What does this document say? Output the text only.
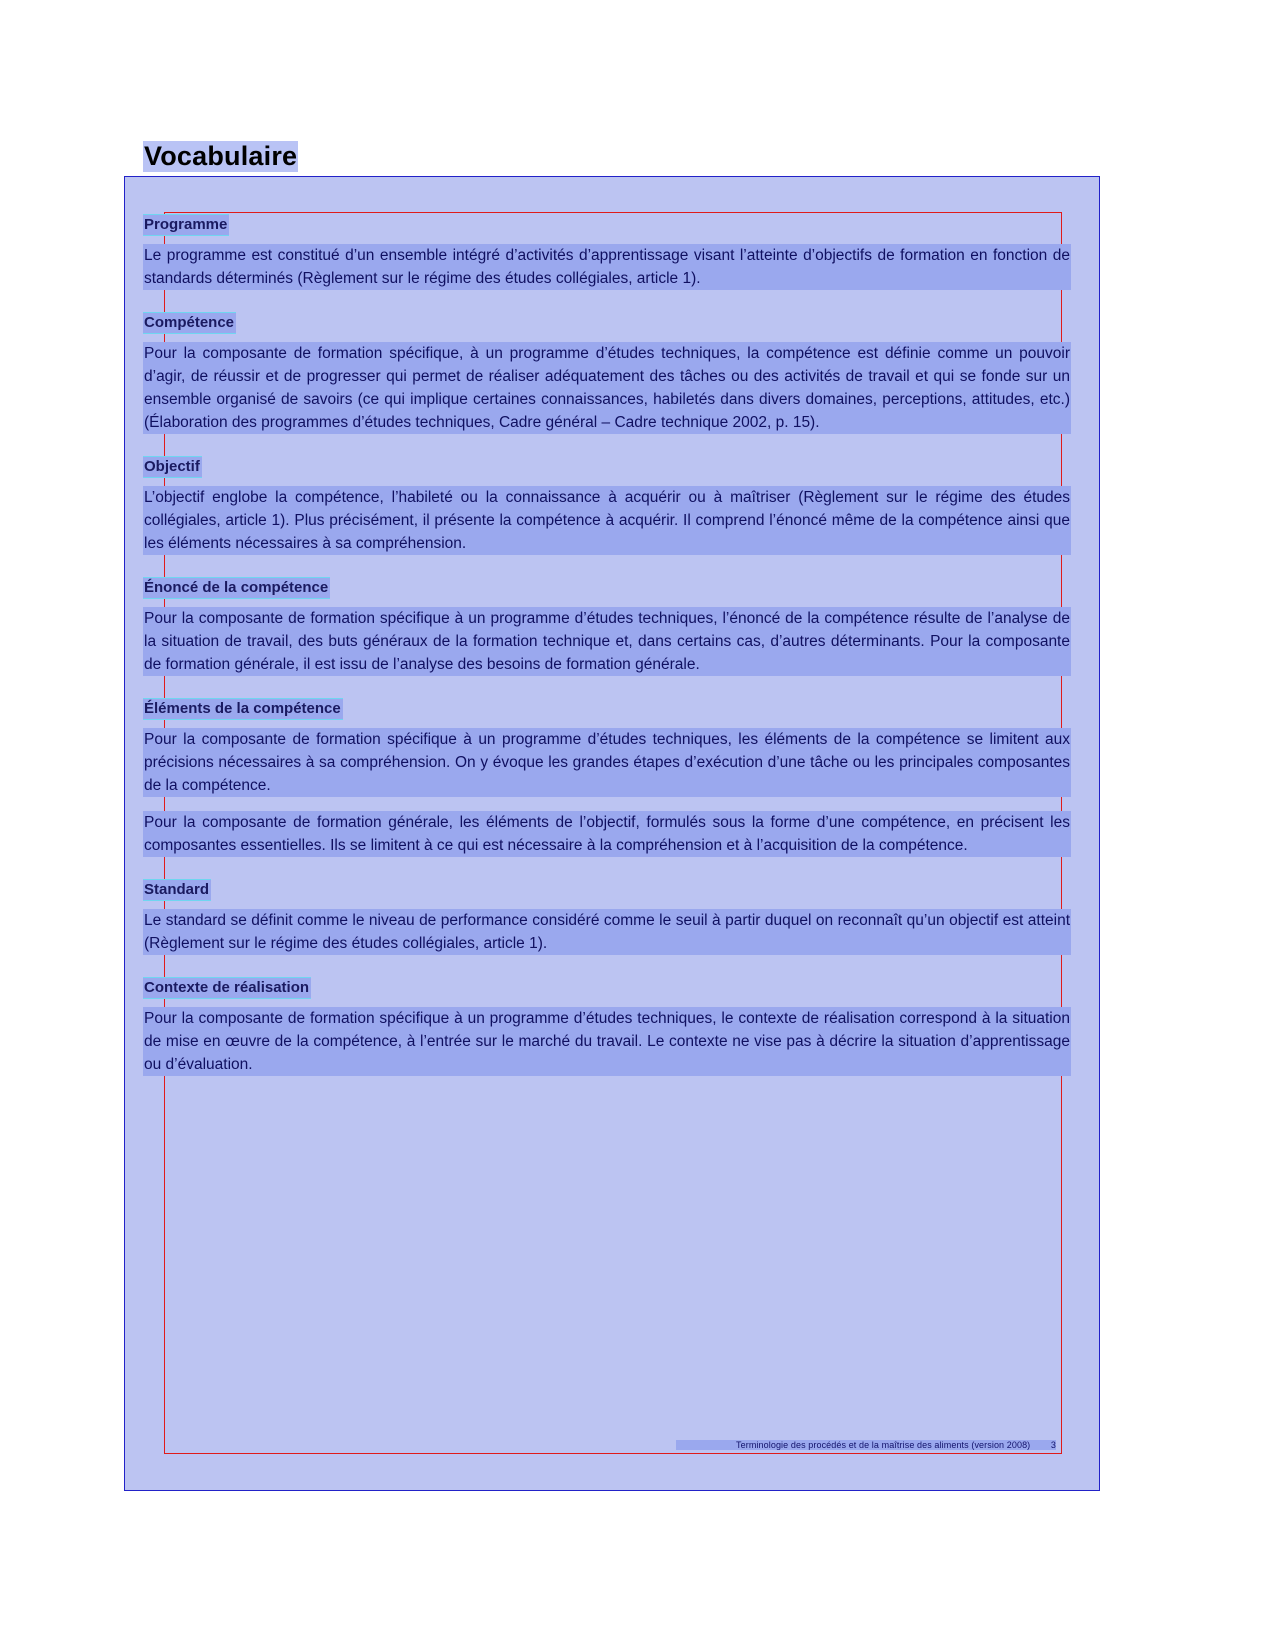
Vocabulaire
Programme

Le programme est constitué d’un ensemble intégré d’activités d’apprentissage visant l’atteinte d’objectifs de formation en fonction de standards déterminés (Règlement sur le régime des études collégiales, article 1).

Compétence

Pour la composante de formation spécifique, à un programme d’études techniques, la compétence est définie comme un pouvoir d’agir, de réussir et de progresser qui permet de réaliser adéquatement des tâches ou des activités de travail et qui se fonde sur un ensemble organisé de savoirs (ce qui implique certaines connaissances, habiletés dans divers domaines, perceptions, attitudes, etc.) (Élaboration des programmes d’études techniques, Cadre général – Cadre technique 2002, p. 15).

Objectif

L’objectif englobe la compétence, l’habileté ou la connaissance à acquérir ou à maîtriser (Règlement sur le régime des études collégiales, article 1). Plus précisément, il présente la compétence à acquérir. Il comprend l’énoncé même de la compétence ainsi que les éléments nécessaires à sa compréhension.

Énoncé de la compétence

Pour la composante de formation spécifique à un programme d’études techniques, l’énoncé de la compétence résulte de l’analyse de la situation de travail, des buts généraux de la formation technique et, dans certains cas, d’autres déterminants. Pour la composante de formation générale, il est issu de l’analyse des besoins de formation générale.

Éléments de la compétence

Pour la composante de formation spécifique à un programme d’études techniques, les éléments de la compétence se limitent aux précisions nécessaires à sa compréhension. On y évoque les grandes étapes d’exécution d’une tâche ou les principales composantes de la compétence.

Pour la composante de formation générale, les éléments de l’objectif, formulés sous la forme d’une compétence, en précisent les composantes essentielles. Ils se limitent à ce qui est nécessaire à la compréhension et à l’acquisition de la compétence.

Standard

Le standard se définit comme le niveau de performance considéré comme le seuil à partir duquel on reconnaît qu’un objectif est atteint (Règlement sur le régime des études collégiales, article 1).

Contexte de réalisation

Pour la composante de formation spécifique à un programme d’études techniques, le contexte de réalisation correspond à la situation de mise en œuvre de la compétence, à l’entrée sur le marché du travail. Le contexte ne vise pas à décrire la situation d’apprentissage ou d’évaluation.

Terminologie des procédés et de la maîtrise des aliments (version 2008) 3
